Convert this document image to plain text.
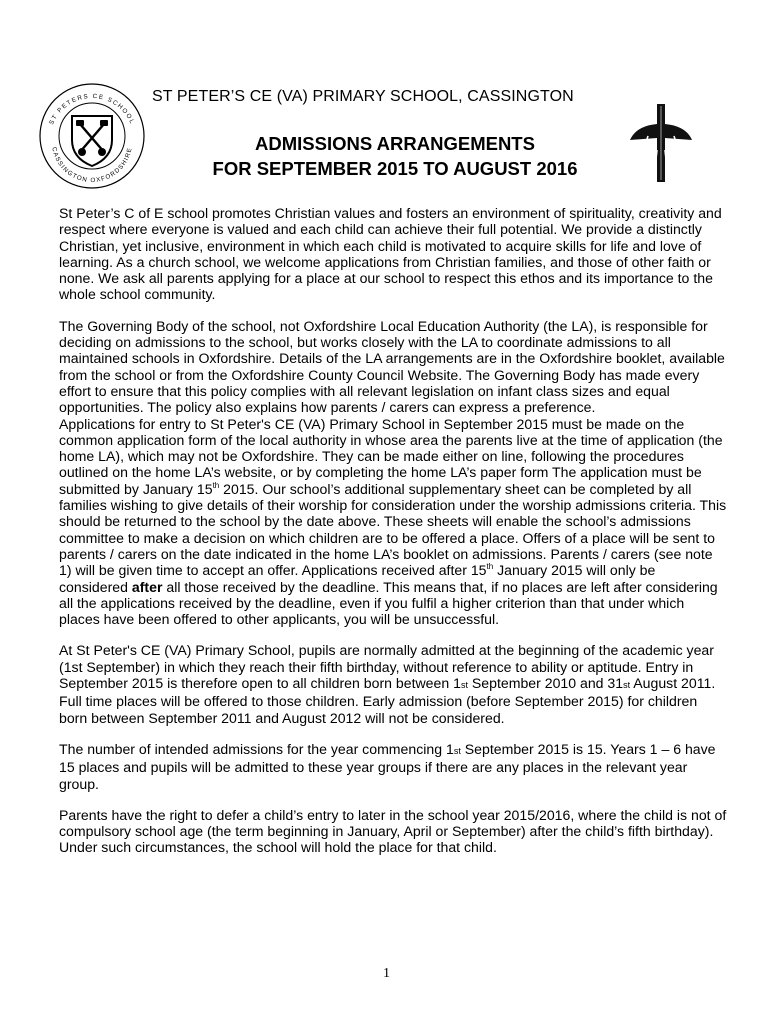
ST PETERS CE SCHOOL
CASSINGTON OXFORDSHIRE
ST PETER’S CE (VA) PRIMARY SCHOOL, CASSINGTON
ADMISSIONS ARRANGEMENTS
FOR SEPTEMBER 2015 TO AUGUST 2016

St Peter’s C of E school promotes Christian values and fosters an environment of spirituality, creativity and respect where everyone is valued and each child can achieve their full potential. We provide a distinctly Christian, yet inclusive, environment in which each child is motivated to acquire skills for life and love of learning. As a church school, we welcome applications from Christian families, and those of other faith or none. We ask all parents applying for a place at our school to respect this ethos and its importance to the whole school community.

The Governing Body of the school, not Oxfordshire Local Education Authority (the LA), is responsible for deciding on admissions to the school, but works closely with the LA to coordinate admissions to all maintained schools in Oxfordshire. Details of the LA arrangements are in the Oxfordshire booklet, available from the school or from the Oxfordshire County Council Website. The Governing Body has made every effort to ensure that this policy complies with all relevant legislation on infant class sizes and equal opportunities. The policy also explains how parents / carers can express a preference.

Applications for entry to St Peter's CE (VA) Primary School in September 2015 must be made on the common application form of the local authority in whose area the parents live at the time of application (the home LA), which may not be Oxfordshire. They can be made either on line, following the procedures outlined on the home LA’s website, or by completing the home LA’s paper form The application must be submitted by January 15th 2015. Our school’s additional supplementary sheet can be completed by all families wishing to give details of their worship for consideration under the worship admissions criteria. This should be returned to the school by the date above. These sheets will enable the school’s admissions committee to make a decision on which children are to be offered a place. Offers of a place will be sent to parents / carers on the date indicated in the home LA’s booklet on admissions. Parents / carers (see note 1) will be given time to accept an offer. Applications received after 15th January 2015 will only be considered after all those received by the deadline. This means that, if no places are left after considering all the applications received by the deadline, even if you fulfil a higher criterion than that under which places have been offered to other applicants, you will be unsuccessful.

At St Peter's CE (VA) Primary School, pupils are normally admitted at the beginning of the academic year (1st September) in which they reach their fifth birthday, without reference to ability or aptitude. Entry in September 2015 is therefore open to all children born between 1st September 2010 and 31st August 2011. Full time places will be offered to those children. Early admission (before September 2015) for children born between September 2011 and August 2012 will not be considered.

The number of intended admissions for the year commencing 1st September 2015 is 15. Years 1 – 6 have 15 places and pupils will be admitted to these year groups if there are any places in the relevant year group.

Parents have the right to defer a child’s entry to later in the school year 2015/2016, where the child is not of compulsory school age (the term beginning in January, April or September) after the child’s fifth birthday). Under such circumstances, the school will hold the place for that child.

1
